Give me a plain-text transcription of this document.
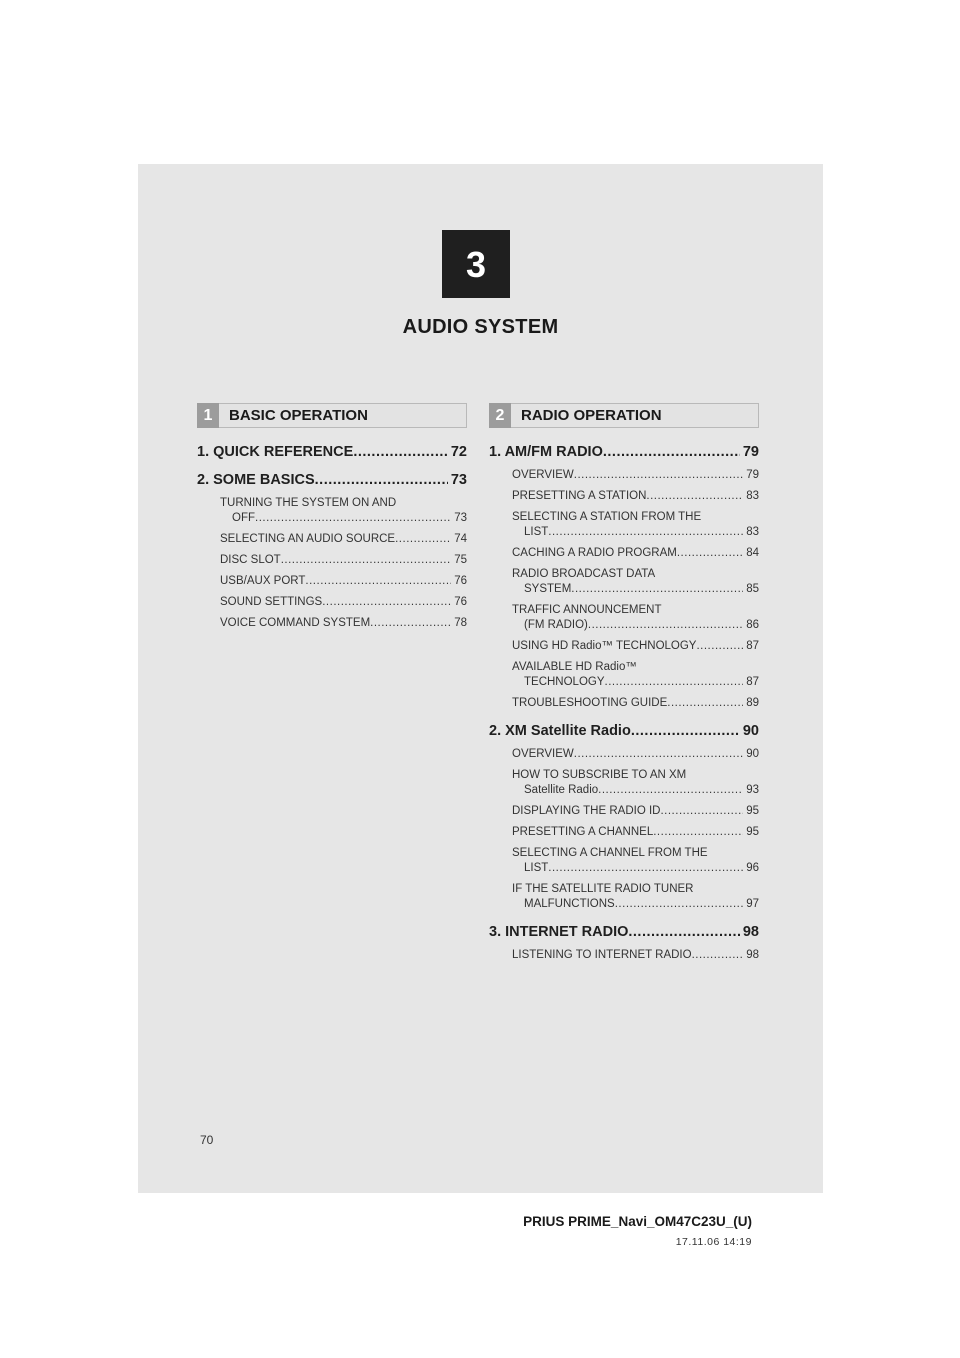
3
AUDIO SYSTEM
1	BASIC OPERATION
1. QUICK REFERENCE .....	72
2. SOME BASICS .....	73
TURNING THE SYSTEM ON AND
OFF .....	73
SELECTING AN AUDIO SOURCE .....	74
DISC SLOT .....	75
USB/AUX PORT .....	76
SOUND SETTINGS .....	76
VOICE COMMAND SYSTEM .....	78
2	RADIO OPERATION
1. AM/FM RADIO .....	79
OVERVIEW .....	79
PRESETTING A STATION .....	83
SELECTING A STATION FROM THE
LIST .....	83
CACHING A RADIO PROGRAM .....	84
RADIO BROADCAST DATA
SYSTEM .....	85
TRAFFIC ANNOUNCEMENT
(FM RADIO) .....	86
USING HD Radio™ TECHNOLOGY .....	87
AVAILABLE HD Radio™
TECHNOLOGY .....	87
TROUBLESHOOTING GUIDE .....	89
2. XM Satellite Radio .....	90
OVERVIEW .....	90
HOW TO SUBSCRIBE TO AN XM
Satellite Radio .....	93
DISPLAYING THE RADIO ID .....	95
PRESETTING A CHANNEL .....	95
SELECTING A CHANNEL FROM THE
LIST .....	96
IF THE SATELLITE RADIO TUNER
MALFUNCTIONS .....	97
3. INTERNET RADIO .....	98
LISTENING TO INTERNET RADIO .....	98
70
PRIUS PRIME_Navi_OM47C23U_(U)
17.11.06 14:19
